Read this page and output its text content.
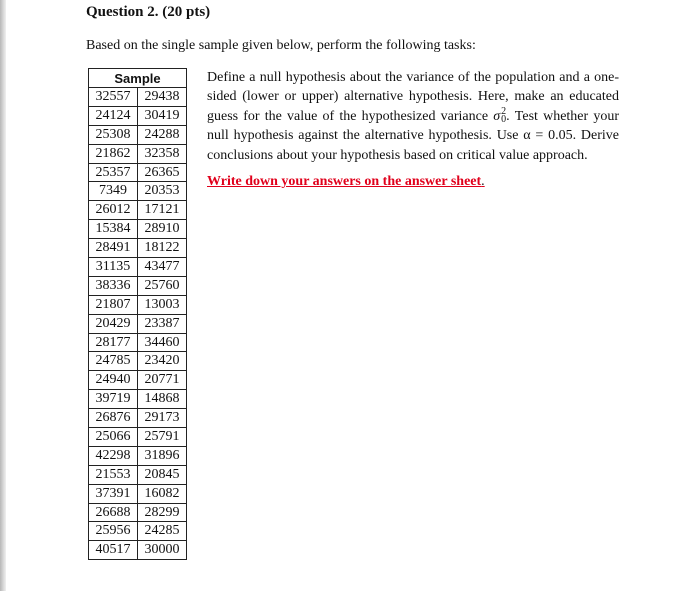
Question 2. (20 pts)

Based on the single sample given below, perform the following tasks:

Sample	
32557	29438
24124	30419
25308	24288
21862	32358
25357	26365
7349	20353
26012	17121
15384	28910
28491	18122
31135	43477
38336	25760
21807	13003
20429	23387
28177	34460
24785	23420
24940	20771
39719	14868
26876	29173
25066	25791
42298	31896
21553	20845
37391	16082
26688	28299
25956	24285
40517	30000

Define a null hypothesis about the variance of the population and a one-sided (lower or upper) alternative hypothesis. Here, make an educated guess for the value of the hypothesized variance σ2
0. Test whether your null hypothesis against the alternative hypothesis. Use α = 0.05. Derive conclusions about your hypothesis based on critical value approach.

Write down your answers on the answer sheet.
